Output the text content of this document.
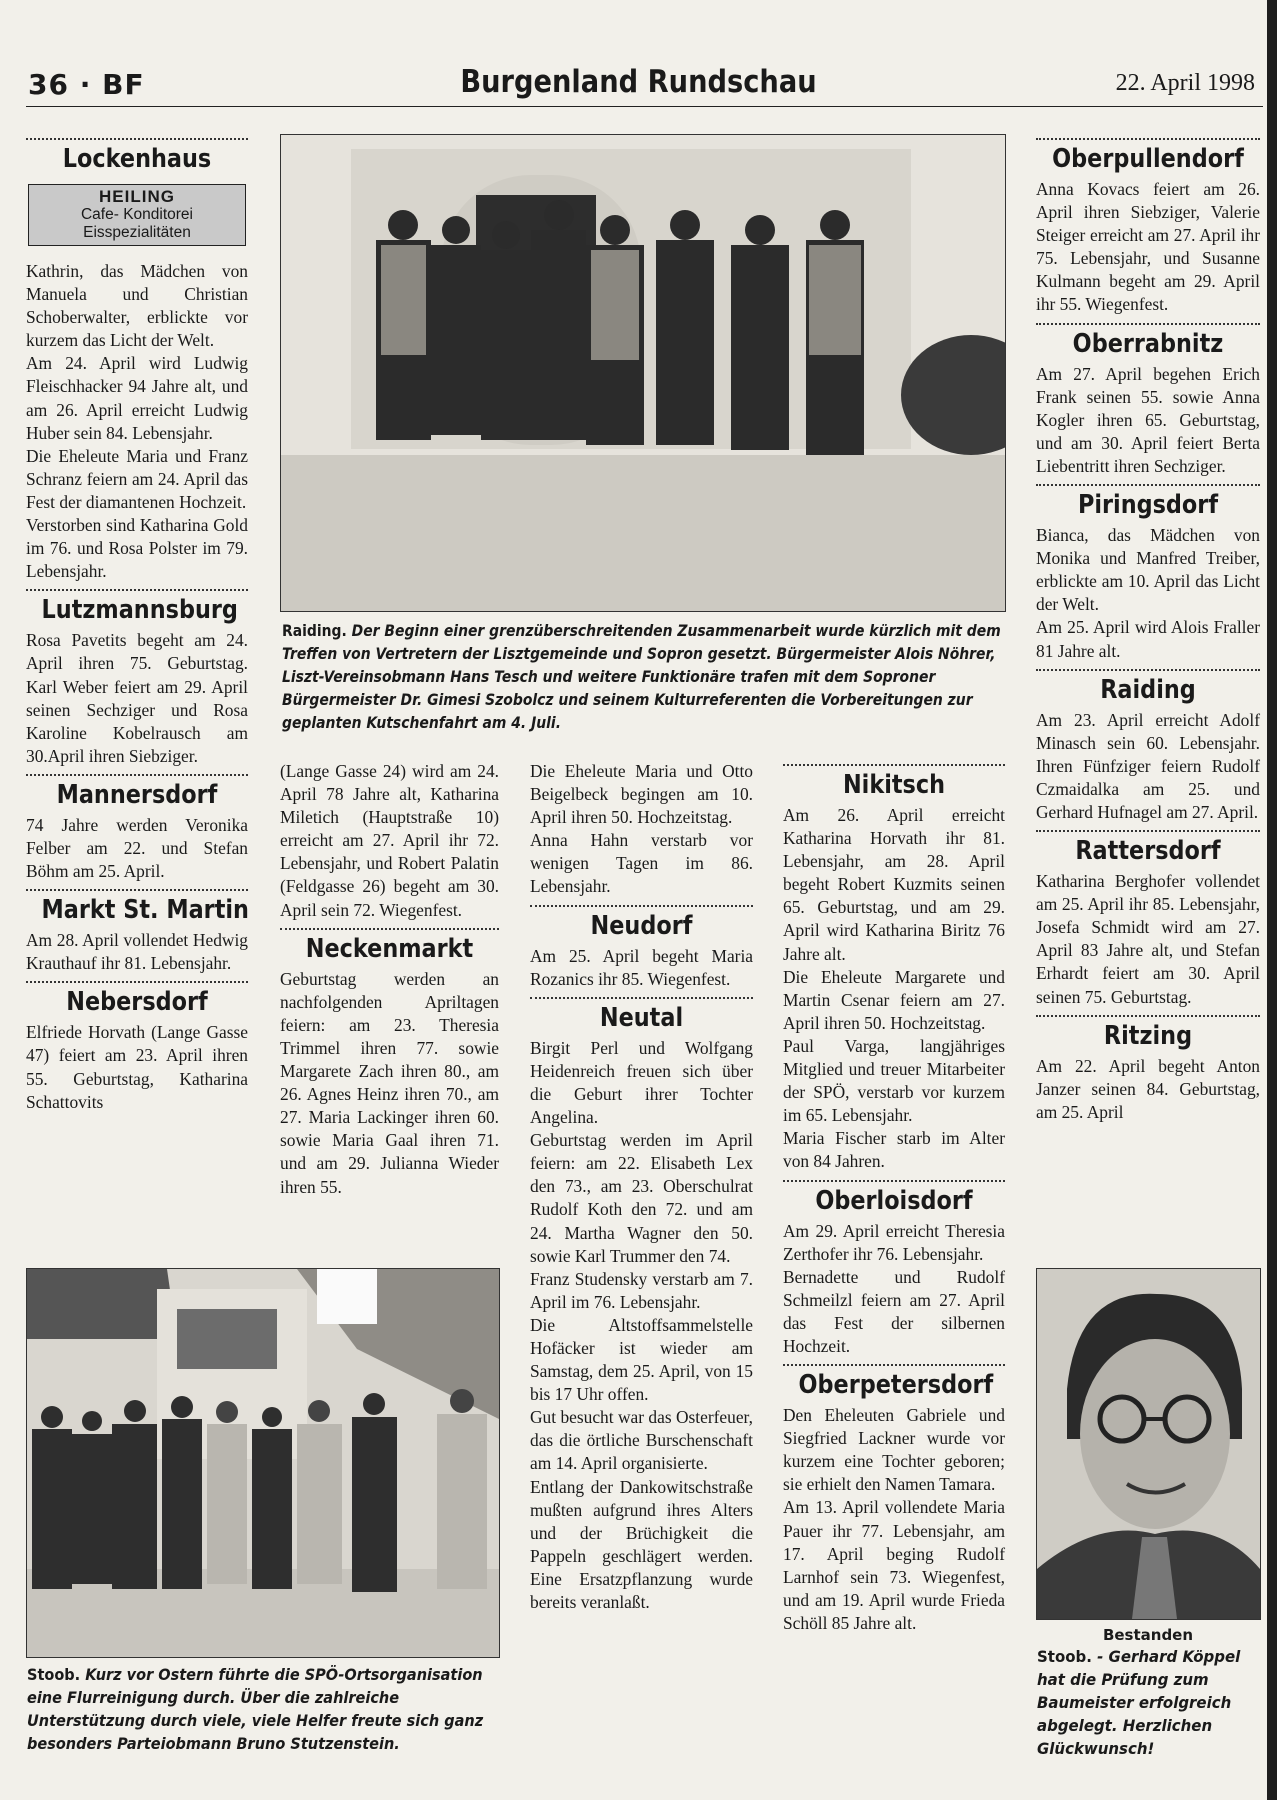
36 · BF	Burgenland Rundschau	22. April 1998
Lockenhaus
HEILING
Cafe- Konditorei
Eisspezialitäten

Kathrin, das Mädchen von Manuela und Christian Schoberwalter, erblickte vor kurzem das Licht der Welt.

Am 24. April wird Ludwig Fleischhacker 94 Jahre alt, und am 26. April erreicht Ludwig Huber sein 84. Lebensjahr.

Die Eheleute Maria und Franz Schranz feiern am 24. April das Fest der diamantenen Hochzeit.

Verstorben sind Katharina Gold im 76. und Rosa Polster im 79. Lebensjahr.

Lutzmannsburg

Rosa Pavetits begeht am 24. April ihren 75. Geburtstag. Karl Weber feiert am 29. April seinen Sechziger und Rosa Karoline Kobelrausch am 30.April ihren Siebziger.

Mannersdorf

74 Jahre werden Veronika Felber am 22. und Stefan Böhm am 25. April.

Markt St. Martin

Am 28. April vollendet Hedwig Krauthauf ihr 81. Lebensjahr.

Nebersdorf

Elfriede Horvath (Lange Gasse 47) feiert am 23. April ihren 55. Geburtstag, Katharina Schattovits

Raiding. Der Beginn einer grenzüberschreitenden Zusammenarbeit wurde kürzlich mit dem Treffen von Vertretern der Lisztgemeinde und Sopron gesetzt. Bürgermeister Alois Nöhrer, Liszt-Vereinsobmann Hans Tesch und weitere Funktionäre trafen mit dem Soproner Bürgermeister Dr. Gimesi Szobolcz und seinem Kulturreferenten die Vorbereitungen zur geplanten Kutschenfahrt am 4. Juli.

(Lange Gasse 24) wird am 24. April 78 Jahre alt, Katharina Miletich (Hauptstraße 10) erreicht am 27. April ihr 72. Lebensjahr, und Robert Palatin (Feldgasse 26) begeht am 30. April sein 72. Wiegenfest.

Neckenmarkt

Geburtstag werden an nachfolgenden Apriltagen feiern: am 23. Theresia Trimmel ihren 77. sowie Margarete Zach ihren 80., am 26. Agnes Heinz ihren 70., am 27. Maria Lackinger ihren 60. sowie Maria Gaal ihren 71. und am 29. Julianna Wieder ihren 55.

Die Eheleute Maria und Otto Beigelbeck begingen am 10. April ihren 50. Hochzeitstag.

Anna Hahn verstarb vor wenigen Tagen im 86. Lebensjahr.

Neudorf

Am 25. April begeht Maria Rozanics ihr 85. Wiegenfest.

Neutal

Birgit Perl und Wolfgang Heidenreich freuen sich über die Geburt ihrer Tochter Angelina.

Geburtstag werden im April feiern: am 22. Elisabeth Lex den 73., am 23. Oberschulrat Rudolf Koth den 72. und am 24. Martha Wagner den 50. sowie Karl Trummer den 74.

Franz Studensky verstarb am 7. April im 76. Lebensjahr.

Die Altstoffsammelstelle Hofäcker ist wieder am Samstag, dem 25. April, von 15 bis 17 Uhr offen.

Gut besucht war das Osterfeuer, das die örtliche Burschenschaft am 14. April organisierte.

Entlang der Dankowitschstraße mußten aufgrund ihres Alters und der Brüchigkeit die Pappeln geschlägert werden. Eine Ersatzpflanzung wurde bereits veranlaßt.

Nikitsch

Am 26. April erreicht Katharina Horvath ihr 81. Lebensjahr, am 28. April begeht Robert Kuzmits seinen 65. Geburtstag, und am 29. April wird Katharina Biritz 76 Jahre alt.

Die Eheleute Margarete und Martin Csenar feiern am 27. April ihren 50. Hochzeitstag.

Paul Varga, langjähriges Mitglied und treuer Mitarbeiter der SPÖ, verstarb vor kurzem im 65. Lebensjahr.

Maria Fischer starb im Alter von 84 Jahren.

Oberloisdorf

Am 29. April erreicht Theresia Zerthofer ihr 76. Lebensjahr.

Bernadette und Rudolf Schmeilzl feiern am 27. April das Fest der silbernen Hochzeit.

Oberpetersdorf

Den Eheleuten Gabriele und Siegfried Lackner wurde vor kurzem eine Tochter geboren; sie erhielt den Namen Tamara.

Am 13. April vollendete Maria Pauer ihr 77. Lebensjahr, am 17. April beging Rudolf Larnhof sein 73. Wiegenfest, und am 19. April wurde Frieda Schöll 85 Jahre alt.

Oberpullendorf

Anna Kovacs feiert am 26. April ihren Siebziger, Valerie Steiger erreicht am 27. April ihr 75. Lebensjahr, und Susanne Kulmann begeht am 29. April ihr 55. Wiegenfest.

Oberrabnitz

Am 27. April begehen Erich Frank seinen 55. sowie Anna Kogler ihren 65. Geburtstag, und am 30. April feiert Berta Liebentritt ihren Sechziger.

Piringsdorf

Bianca, das Mädchen von Monika und Manfred Treiber, erblickte am 10. April das Licht der Welt.

Am 25. April wird Alois Fraller 81 Jahre alt.

Raiding

Am 23. April erreicht Adolf Minasch sein 60. Lebensjahr. Ihren Fünfziger feiern Rudolf Czmaidalka am 25. und Gerhard Hufnagel am 27. April.

Rattersdorf

Katharina Berghofer vollendet am 25. April ihr 85. Lebensjahr, Josefa Schmidt wird am 27. April 83 Jahre alt, und Stefan Erhardt feiert am 30. April seinen 75. Geburtstag.

Ritzing

Am 22. April begeht Anton Janzer seinen 84. Geburtstag, am 25. April

Stoob. Kurz vor Ostern führte die SPÖ-Ortsorganisation eine Flurreinigung durch. Über die zahlreiche Unterstützung durch viele, viele Helfer freute sich ganz besonders Parteiobmann Bruno Stutzenstein.
Bestanden
Stoob. - Gerhard Köppel hat die Prüfung zum Baumeister erfolgreich abgelegt. Herzlichen Glückwunsch!
